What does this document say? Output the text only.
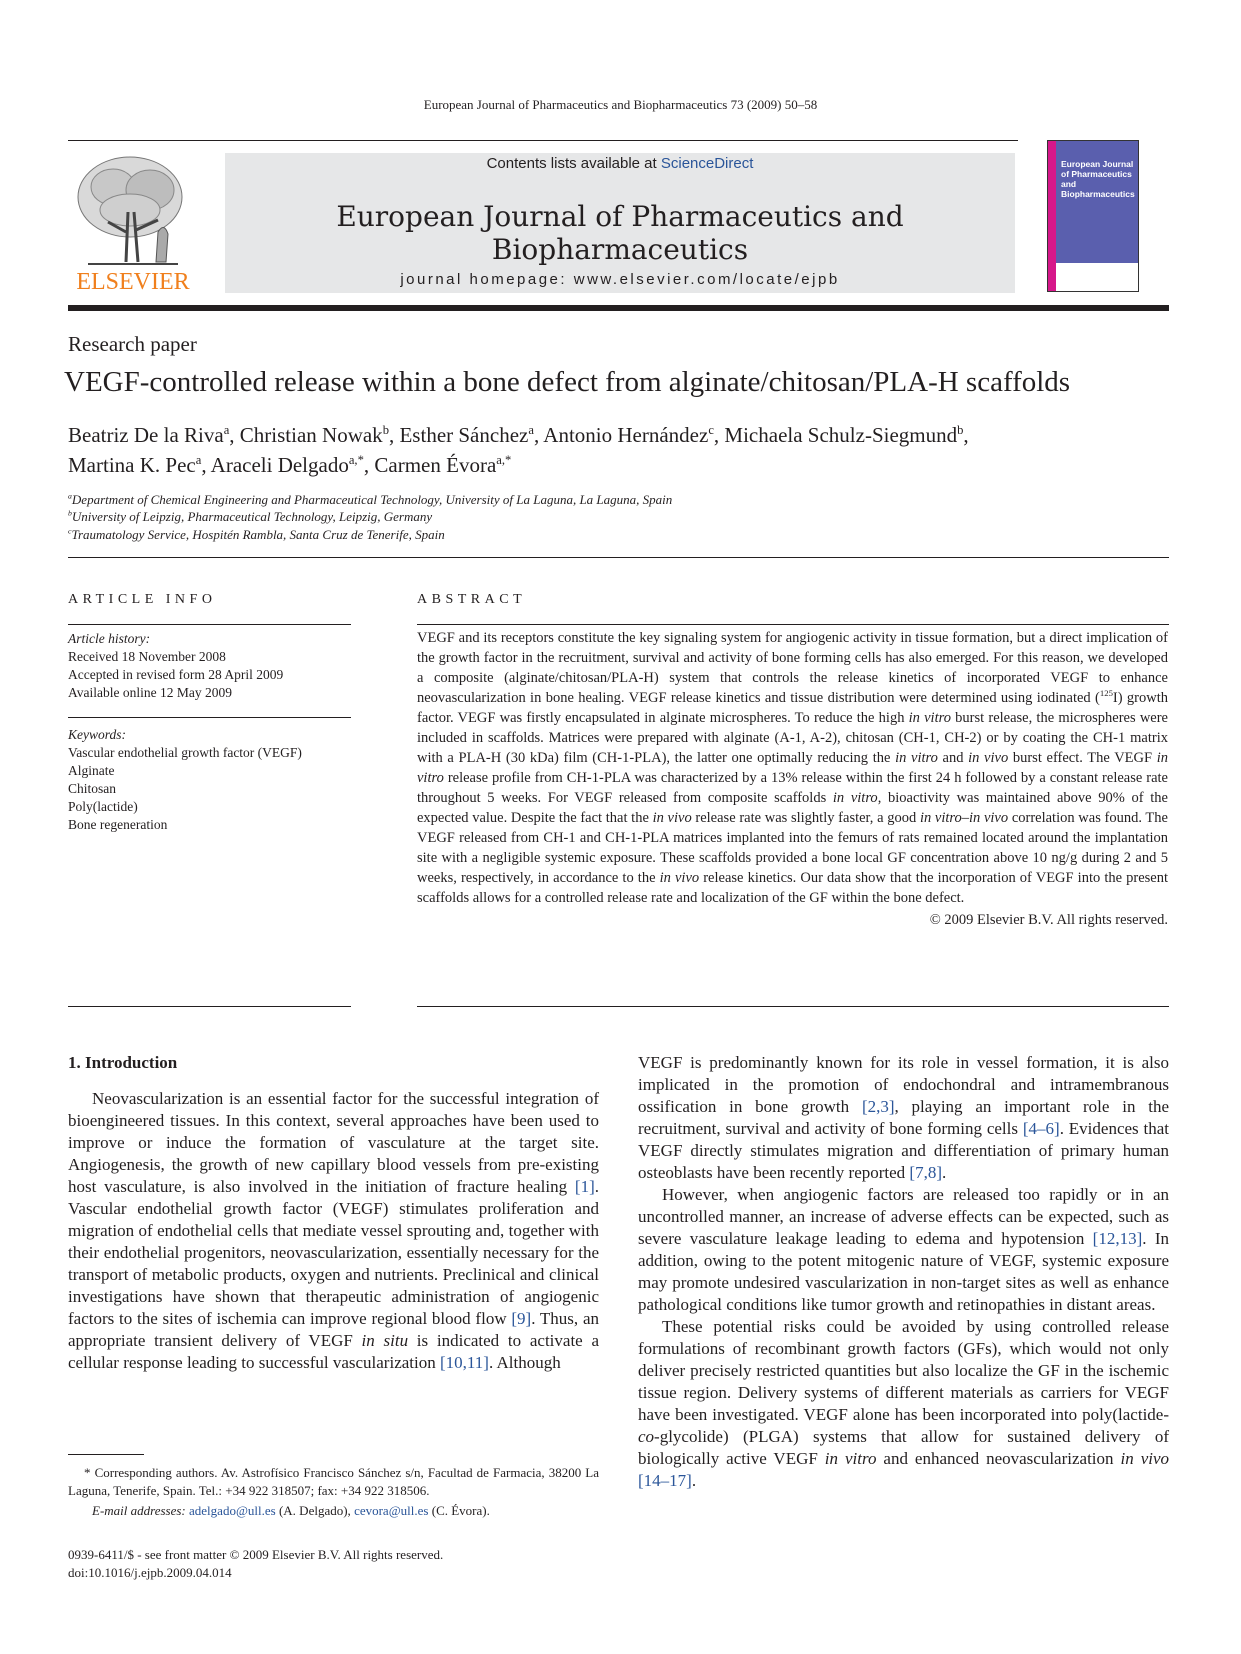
European Journal of Pharmaceutics and Biopharmaceutics 73 (2009) 50–58
ELSEVIER
Contents lists available at ScienceDirect
European Journal of Pharmaceutics and Biopharmaceutics
journal homepage: www.elsevier.com/locate/ejpb
European Journal of Pharmaceutics and Biopharmaceutics
Research paper
VEGF-controlled release within a bone defect from alginate/chitosan/PLA-H scaffolds
Beatriz De la Riva$^a$, Christian Nowak$^b$, Esther Sánchez$^a$, Antonio Hernández$^c$, Michaela Schulz-Siegmund$^b$,
Martina K. Pec$^a$, Araceli Delgado$^{a,*}$, Carmen Évora$^{a,*}$
$^a$Department of Chemical Engineering and Pharmaceutical Technology, University of La Laguna, La Laguna, Spain
$^b$University of Leipzig, Pharmaceutical Technology, Leipzig, Germany
$^c$Traumatology Service, Hospitén Rambla, Santa Cruz de Tenerife, Spain
ARTICLE INFO
Article history:
Received 18 November 2008
Accepted in revised form 28 April 2009
Available online 12 May 2009
Keywords:
Vascular endothelial growth factor (VEGF)
Alginate
Chitosan
Poly(lactide)
Bone regeneration
ABSTRACT
VEGF and its receptors constitute the key signaling system for angiogenic activity in tissue formation, but a direct implication of the growth factor in the recruitment, survival and activity of bone forming cells has also emerged. For this reason, we developed a composite (alginate/chitosan/PLA-H) system that controls the release kinetics of incorporated VEGF to enhance neovascularization in bone healing. VEGF release kinetics and tissue distribution were determined using iodinated ($^{125}$I) growth factor. VEGF was firstly encapsulated in alginate microspheres. To reduce the high in vitro burst release, the microspheres were included in scaffolds. Matrices were prepared with alginate (A-1, A-2), chitosan (CH-1, CH-2) or by coating the CH-1 matrix with a PLA-H (30 kDa) film (CH-1-PLA), the latter one optimally reducing the in vitro and in vivo burst effect. The VEGF in vitro release profile from CH-1-PLA was characterized by a 13% release within the first 24 h followed by a constant release rate throughout 5 weeks. For VEGF released from composite scaffolds in vitro, bioactivity was maintained above 90% of the expected value. Despite the fact that the in vivo release rate was slightly faster, a good in vitro–in vivo correlation was found. The VEGF released from CH-1 and CH-1-PLA matrices implanted into the femurs of rats remained located around the implantation site with a negligible systemic exposure. These scaffolds provided a bone local GF concentration above 10 ng/g during 2 and 5 weeks, respectively, in accordance to the in vivo release kinetics. Our data show that the incorporation of VEGF into the present scaffolds allows for a controlled release rate and localization of the GF within the bone defect.
© 2009 Elsevier B.V. All rights reserved.

1. Introduction

Neovascularization is an essential factor for the successful integration of bioengineered tissues. In this context, several approaches have been used to improve or induce the formation of vasculature at the target site. Angiogenesis, the growth of new capillary blood vessels from pre-existing host vasculature, is also involved in the initiation of fracture healing [1]. Vascular endothelial growth factor (VEGF) stimulates proliferation and migration of endothelial cells that mediate vessel sprouting and, together with their endothelial progenitors, neovascularization, essentially necessary for the transport of metabolic products, oxygen and nutrients. Preclinical and clinical investigations have shown that therapeutic administration of angiogenic factors to the sites of ischemia can improve regional blood flow [9]. Thus, an appropriate transient delivery of VEGF in situ is indicated to activate a cellular response leading to successful vascularization [10,11]. Although

VEGF is predominantly known for its role in vessel formation, it is also implicated in the promotion of endochondral and intramembranous ossification in bone growth [2,3], playing an important role in the recruitment, survival and activity of bone forming cells [4–6]. Evidences that VEGF directly stimulates migration and differentiation of primary human osteoblasts have been recently reported [7,8].

However, when angiogenic factors are released too rapidly or in an uncontrolled manner, an increase of adverse effects can be expected, such as severe vasculature leakage leading to edema and hypotension [12,13]. In addition, owing to the potent mitogenic nature of VEGF, systemic exposure may promote undesired vascularization in non-target sites as well as enhance pathological conditions like tumor growth and retinopathies in distant areas.

These potential risks could be avoided by using controlled release formulations of recombinant growth factors (GFs), which would not only deliver precisely restricted quantities but also localize the GF in the ischemic tissue region. Delivery systems of different materials as carriers for VEGF have been investigated. VEGF alone has been incorporated into poly(lactide-co-glycolide) (PLGA) systems that allow for sustained delivery of biologically active VEGF in vitro and enhanced neovascularization in vivo [14–17].

* Corresponding authors. Av. Astrofísico Francisco Sánchez s/n, Facultad de Farmacia, 38200 La Laguna, Tenerife, Spain. Tel.: +34 922 318507; fax: +34 922 318506.
E-mail addresses: adelgado@ull.es (A. Delgado), cevora@ull.es (C. Évora).
0939-6411/$ - see front matter © 2009 Elsevier B.V. All rights reserved.
doi:10.1016/j.ejpb.2009.04.014
